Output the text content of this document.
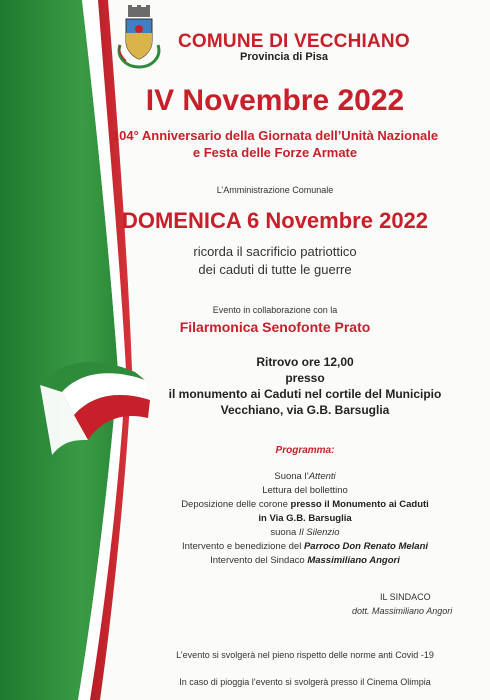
COMUNE DI VECCHIANO
Provincia di Pisa
IV Novembre 2022
104° Anniversario della Giornata dell’Unità Nazionale
e Festa delle Forze Armate
L’Amministrazione Comunale
DOMENICA 6 Novembre 2022
ricorda il sacrificio patriottico
dei caduti di tutte le guerre
Evento in collaborazione con la
Filarmonica Senofonte Prato
Ritrovo ore 12,00
presso
il monumento ai Caduti nel cortile del Municipio
Vecchiano, via G.B. Barsuglia
Programma:
Suona l’Attenti
Lettura del bollettino
Deposizione delle corone presso il Monumento ai Caduti
in Via G.B. Barsuglia
suona Il Silenzio
Intervento e benedizione del Parroco Don Renato Melani
Intervento del Sindaco Massimiliano Angori
IL SINDACO
dott. Massimiliano Angori
L’evento si svolgerà nel pieno rispetto delle norme anti Covid -19
In caso di pioggia l’evento si svolgerà presso il Cinema Olimpia
